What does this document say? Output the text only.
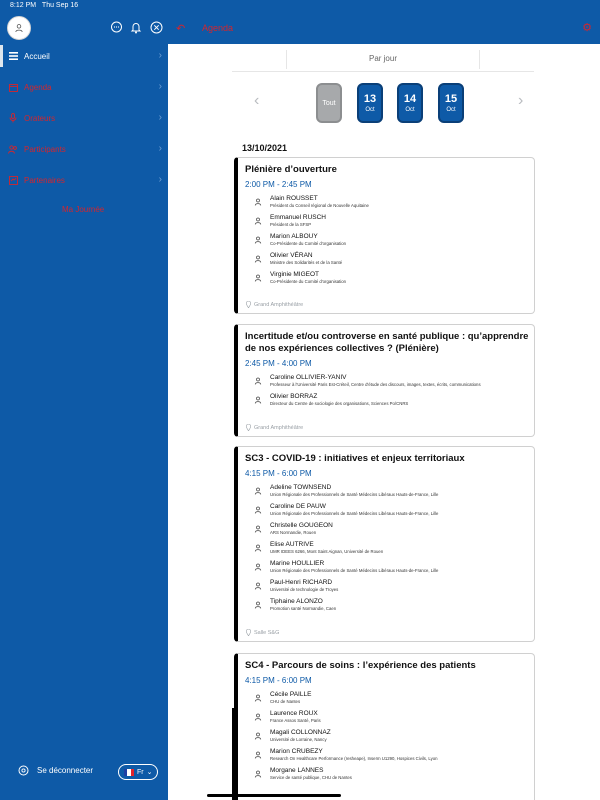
Accueil	›
Agenda	›
Orateurs	›
Participants	›
Partenaires	›
Ma Journée
Se déconnecter	Fr ⌄
8:12 PM Thu Sep 16
↶ Agenda	⚙
Par jour
‹	›
Tout	13
Oct
14
Oct
15
Oct
13/10/2021
Plénière d’ouverture
2:00 PM - 2:45 PM
Alain ROUSSET
Président du Conseil régional de Nouvelle Aquitaine
Emmanuel RUSCH
Président de la SFSP
Marion ALBOUY
Co-Présidente du Comité d'organisation
Olivier VÉRAN
Ministre des Solidarités et de la Santé
Virginie MIGEOT
Co-Présidente du Comité d'organisation
Grand Amphithéâtre
Incertitude et/ou controverse en santé publique : qu’apprendre de nos expériences collectives ? (Plénière)
2:45 PM - 4:00 PM
Caroline OLLIVIER-YANIV
Professeur à l'Université Paris Est-Créteil, Centre d'étude des discours, images, textes, écrits, communications
Olivier BORRAZ
Directeur du Centre de sociologie des organisations, Sciences Po/CNRS
Grand Amphithéâtre
SC3 - COVID-19 : initiatives et enjeux territoriaux
4:15 PM - 6:00 PM
Adeline TOWNSEND
Union Régionale des Professionnels de Santé Médecins Libéraux Hauts-de-France, Lille
Caroline DE PAUW
Union Régionale des Professionnels de Santé Médecins Libéraux Hauts-de-France, Lille
Christelle GOUGEON
ARS Normandie, Rouen
Elise AUTRIVE
UMR IDEES 6266, Mont Saint Aignan, Université de Rouen
Marine HOULLIER
Union Régionale des Professionnels de Santé Médecins Libéraux Hauts-de-France, Lille
Paul-Henri RICHARD
Université de technologie de Troyes
Tiphaine ALONZO
Promotion santé Normandie, Caen
Salle S&G
SC4 - Parcours de soins : l’expérience des patients
4:15 PM - 6:00 PM
Cécile PAILLE
CHU de Nantes
Laurence ROUX
France Assos Santé, Paris
Magali COLLONNAZ
Université de Lorraine, Nancy
Marion CRUBEZY
Research On Healthcare Performance (resheape), Inserm U1290, Hospices Civils, Lyon
Morgane LANNES
Service de santé publique, CHU de Nantes
